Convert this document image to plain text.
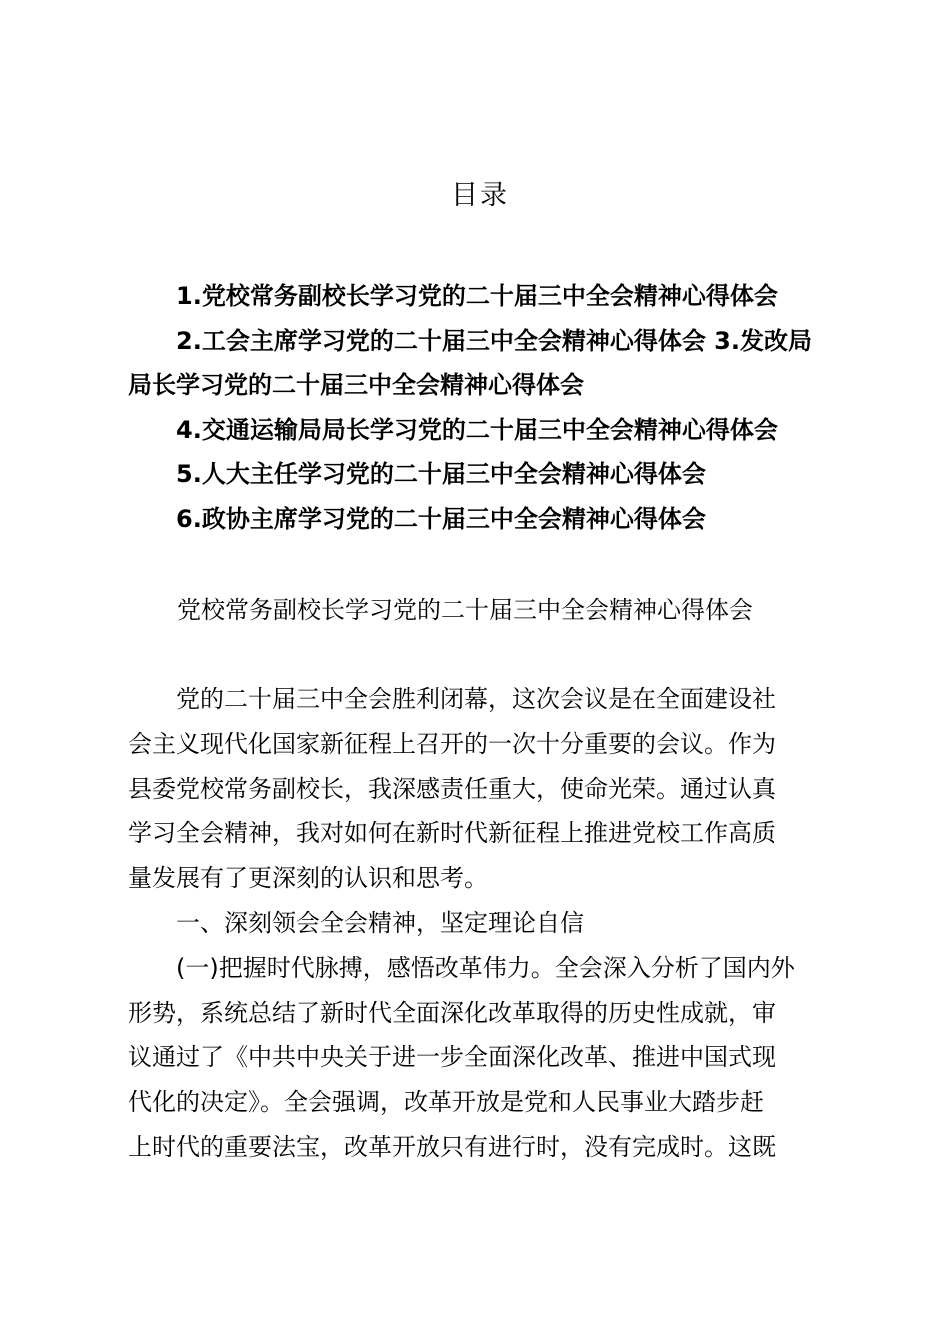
目录
1.党校常务副校长学习党的二十届三中全会精神心得体会
2.工会主席学习党的二十届三中全会精神心得体会 3.发改局
局长学习党的二十届三中全会精神心得体会
4.交通运输局局长学习党的二十届三中全会精神心得体会
5.人大主任学习党的二十届三中全会精神心得体会
6.政协主席学习党的二十届三中全会精神心得体会
党校常务副校长学习党的二十届三中全会精神心得体会
党的二十届三中全会胜利闭幕，这次会议是在全面建设社
会主义现代化国家新征程上召开的一次十分重要的会议。作为
县委党校常务副校长，我深感责任重大，使命光荣。通过认真
学习全会精神，我对如何在新时代新征程上推进党校工作高质
量发展有了更深刻的认识和思考。
一、深刻领会全会精神，坚定理论自信
(一)把握时代脉搏，感悟改革伟力。全会深入分析了国内外
形势，系统总结了新时代全面深化改革取得的历史性成就，审
议通过了《中共中央关于进一步全面深化改革、推进中国式现
代化的决定》。全会强调，改革开放是党和人民事业大踏步赶
上时代的重要法宝，改革开放只有进行时，没有完成时。这既
